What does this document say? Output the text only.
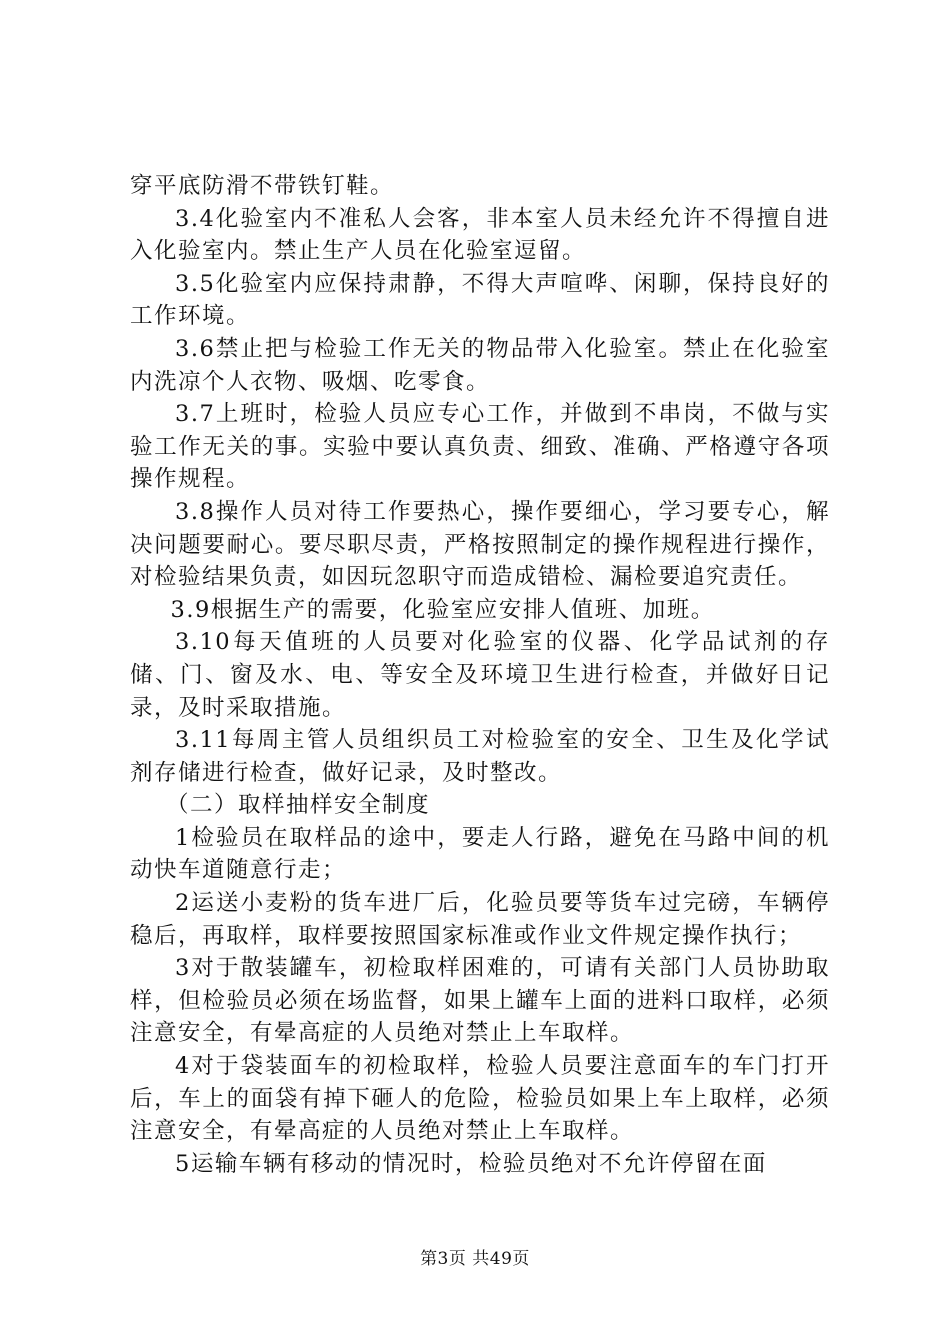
穿平底防滑不带铁钉鞋。

3.4化验室内不准私人会客，非本室人员未经允许不得擅自进入化验室内。禁止生产人员在化验室逗留。

3.5化验室内应保持肃静，不得大声喧哗、闲聊，保持良好的工作环境。

3.6禁止把与检验工作无关的物品带入化验室。禁止在化验室内洗凉个人衣物、吸烟、吃零食。

3.7上班时，检验人员应专心工作，并做到不串岗，不做与实验工作无关的事。实验中要认真负责、细致、准确、严格遵守各项操作规程。

3.8操作人员对待工作要热心，操作要细心，学习要专心，解决问题要耐心。要尽职尽责，严格按照制定的操作规程进行操作，对检验结果负责，如因玩忽职守而造成错检、漏检要追究责任。

3.9根据生产的需要，化验室应安排人值班、加班。

3.10每天值班的人员要对化验室的仪器、化学品试剂的存储、门、窗及水、电、等安全及环境卫生进行检查，并做好日记录，及时采取措施。

3.11每周主管人员组织员工对检验室的安全、卫生及化学试剂存储进行检查，做好记录，及时整改。

（二）取样抽样安全制度

1检验员在取样品的途中，要走人行路，避免在马路中间的机动快车道随意行走；

2运送小麦粉的货车进厂后，化验员要等货车过完磅，车辆停稳后，再取样，取样要按照国家标准或作业文件规定操作执行；

3对于散装罐车，初检取样困难的，可请有关部门人员协助取样，但检验员必须在场监督，如果上罐车上面的进料口取样，必须注意安全，有晕高症的人员绝对禁止上车取样。

4对于袋装面车的初检取样，检验人员要注意面车的车门打开后，车上的面袋有掉下砸人的危险，检验员如果上车上取样，必须注意安全，有晕高症的人员绝对禁止上车取样。

5运输车辆有移动的情况时，检验员绝对不允许停留在面

第3页 共49页
